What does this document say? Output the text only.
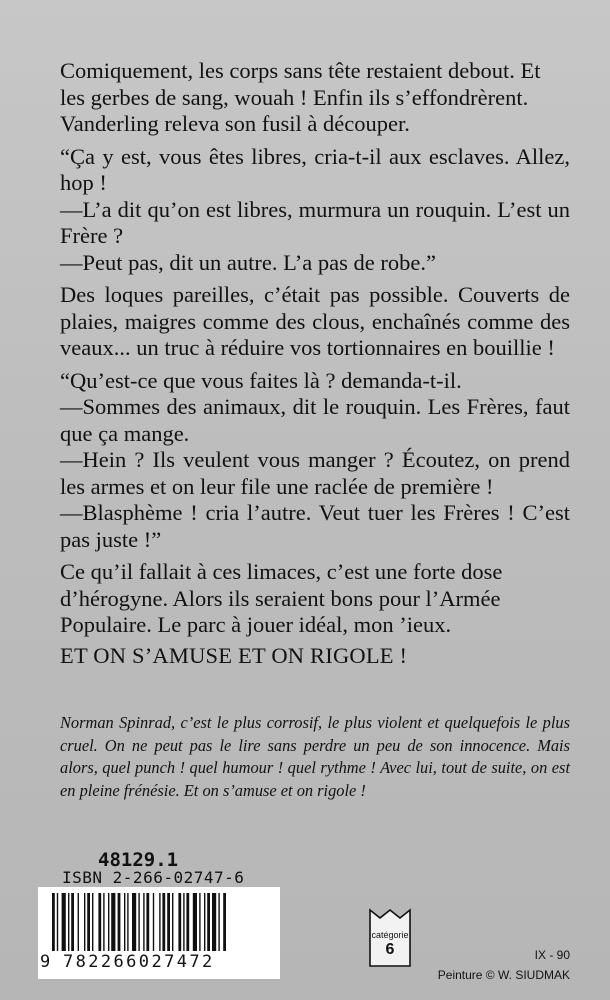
Comiquement, les corps sans tête restaient debout. Et les gerbes de sang, wouah ! Enfin ils s’effondrèrent. Vanderling releva son fusil à découper.

“Ça y est, vous êtes libres, cria-t-il aux esclaves. Allez, hop !

—L’a dit qu’on est libres, murmura un rouquin. L’est un Frère ?

—Peut pas, dit un autre. L’a pas de robe.”

Des loques pareilles, c’était pas possible. Couverts de plaies, maigres comme des clous, enchaînés comme des veaux... un truc à réduire vos tortionnaires en bouillie !

“Qu’est-ce que vous faites là ? demanda-t-il.

—Sommes des animaux, dit le rouquin. Les Frères, faut que ça mange.

—Hein ? Ils veulent vous manger ? Écoutez, on prend les armes et on leur file une raclée de première !

—Blasphème ! cria l’autre. Veut tuer les Frères ! C’est pas juste !”

Ce qu’il fallait à ces limaces, c’est une forte dose d’hérogyne. Alors ils seraient bons pour l’Armée Populaire. Le parc à jouer idéal, mon ’ieux.

ET ON S’AMUSE ET ON RIGOLE !

Norman Spinrad, c’est le plus corrosif, le plus violent et quelquefois le plus cruel. On ne peut pas le lire sans perdre un peu de son innocence. Mais alors, quel punch ! quel humour ! quel rythme ! Avec lui, tout de suite, on est en pleine frénésie. Et on s’amuse et on rigole !
48129.1
ISBN 2-266-02747-6
9 782266027472
catégorie
6	IX - 90
Peinture © W. SIUDMAK
